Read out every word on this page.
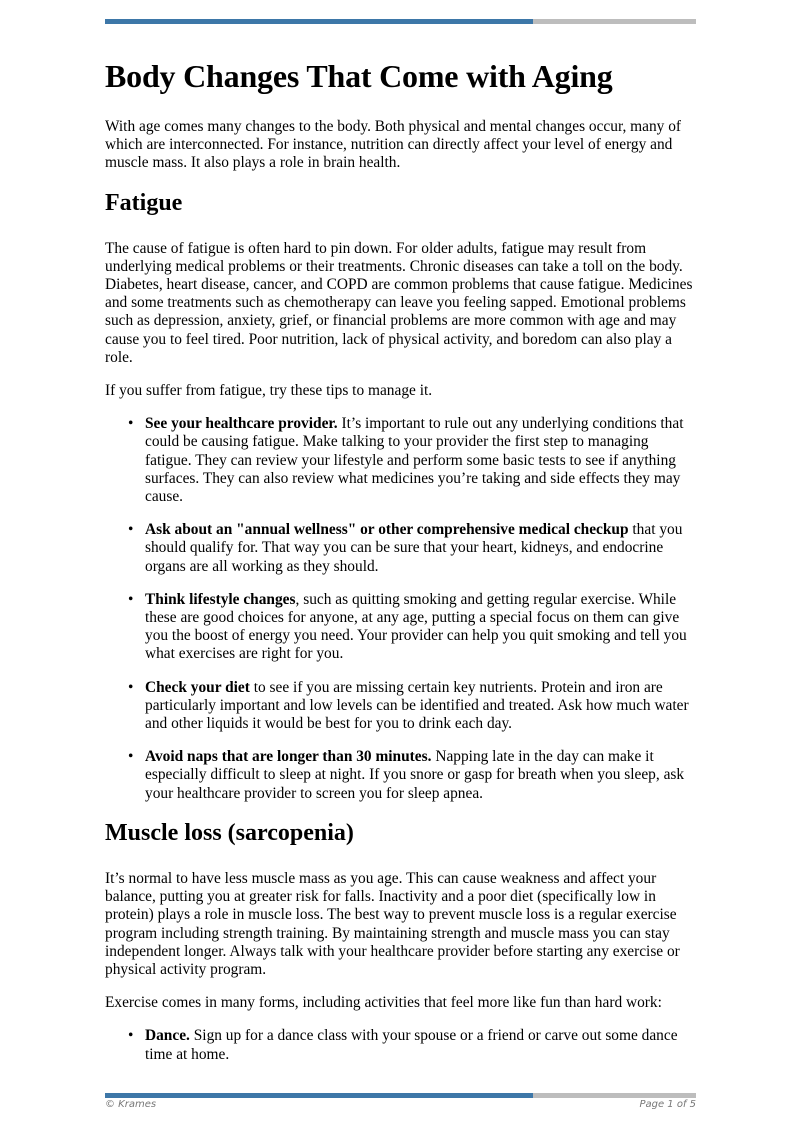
Body Changes That Come with Aging

With age comes many changes to the body. Both physical and mental changes occur, many of which are interconnected. For instance, nutrition can directly affect your level of energy and muscle mass. It also plays a role in brain health.

Fatigue

The cause of fatigue is often hard to pin down. For older adults, fatigue may result from underlying medical problems or their treatments. Chronic diseases can take a toll on the body. Diabetes, heart disease, cancer, and COPD are common problems that cause fatigue. Medicines and some treatments such as chemotherapy can leave you feeling sapped. Emotional problems such as depression, anxiety, grief, or financial problems are more common with age and may cause you to feel tired. Poor nutrition, lack of physical activity, and boredom can also play a role.

If you suffer from fatigue, try these tips to manage it.

• See your healthcare provider. It’s important to rule out any underlying conditions that could be causing fatigue. Make talking to your provider the first step to managing fatigue. They can review your lifestyle and perform some basic tests to see if anything surfaces. They can also review what medicines you’re taking and side effects they may cause.
• Ask about an "annual wellness" or other comprehensive medical checkup that you should qualify for. That way you can be sure that your heart, kidneys, and endocrine organs are all working as they should.
• Think lifestyle changes, such as quitting smoking and getting regular exercise. While these are good choices for anyone, at any age, putting a special focus on them can give you the boost of energy you need. Your provider can help you quit smoking and tell you what exercises are right for you.
• Check your diet to see if you are missing certain key nutrients. Protein and iron are particularly important and low levels can be identified and treated. Ask how much water and other liquids it would be best for you to drink each day.
• Avoid naps that are longer than 30 minutes. Napping late in the day can make it especially difficult to sleep at night. If you snore or gasp for breath when you sleep, ask your healthcare provider to screen you for sleep apnea.
Muscle loss (sarcopenia)

It’s normal to have less muscle mass as you age. This can cause weakness and affect your balance, putting you at greater risk for falls. Inactivity and a poor diet (specifically low in protein) plays a role in muscle loss. The best way to prevent muscle loss is a regular exercise program including strength training. By maintaining strength and muscle mass you can stay independent longer. Always talk with your healthcare provider before starting any exercise or physical activity program.

Exercise comes in many forms, including activities that feel more like fun than hard work:

• Dance. Sign up for a dance class with your spouse or a friend or carve out some dance time at home.
© Krames	Page 1 of 5
